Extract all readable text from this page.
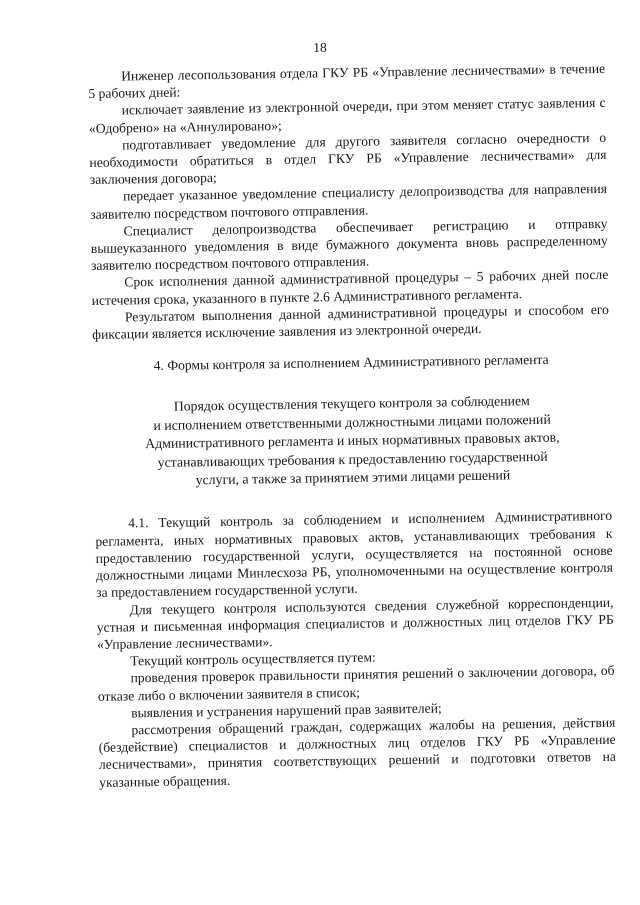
18

Инженер лесопользования отдела ГКУ РБ «Управление лесничествами» в течение 5 рабочих дней:

исключает заявление из электронной очереди, при этом меняет статус заявления с «Одобрено» на «Аннулировано»;

подготавливает уведомление для другого заявителя согласно очередности о необходимости обратиться в отдел ГКУ РБ «Управление лесничествами» для заключения договора;

передает указанное уведомление специалисту делопроизводства для направления заявителю посредством почтового отправления.

Специалист делопроизводства обеспечивает регистрацию и отправку вышеуказанного уведомления в виде бумажного документа вновь распределенному заявителю посредством почтового отправления.

Срок исполнения данной административной процедуры – 5 рабочих дней после истечения срока, указанного в пункте 2.6 Административного регламента.

Результатом выполнения данной административной процедуры и способом его фиксации является исключение заявления из электронной очереди.

4. Формы контроля за исполнением Административного регламента

Порядок осуществления текущего контроля за соблюдением
и исполнением ответственными должностными лицами положений
Административного регламента и иных нормативных правовых актов,
устанавливающих требования к предоставлению государственной
услуги, а также за принятием этими лицами решений

4.1. Текущий контроль за соблюдением и исполнением Административного регламента, иных нормативных правовых актов, устанавливающих требования к предоставлению государственной услуги, осуществляется на постоянной основе должностными лицами Минлесхоза РБ, уполномоченными на осуществление контроля за предоставлением государственной услуги.

Для текущего контроля используются сведения служебной корреспонденции, устная и письменная информация специалистов и должностных лиц отделов ГКУ РБ «Управление лесничествами».

Текущий контроль осуществляется путем:

проведения проверок правильности принятия решений о заключении договора, об отказе либо о включении заявителя в список;

выявления и устранения нарушений прав заявителей;

рассмотрения обращений граждан, содержащих жалобы на решения, действия (бездействие) специалистов и должностных лиц отделов ГКУ РБ «Управление лесничествами», принятия соответствующих решений и подготовки ответов на указанные обращения.
